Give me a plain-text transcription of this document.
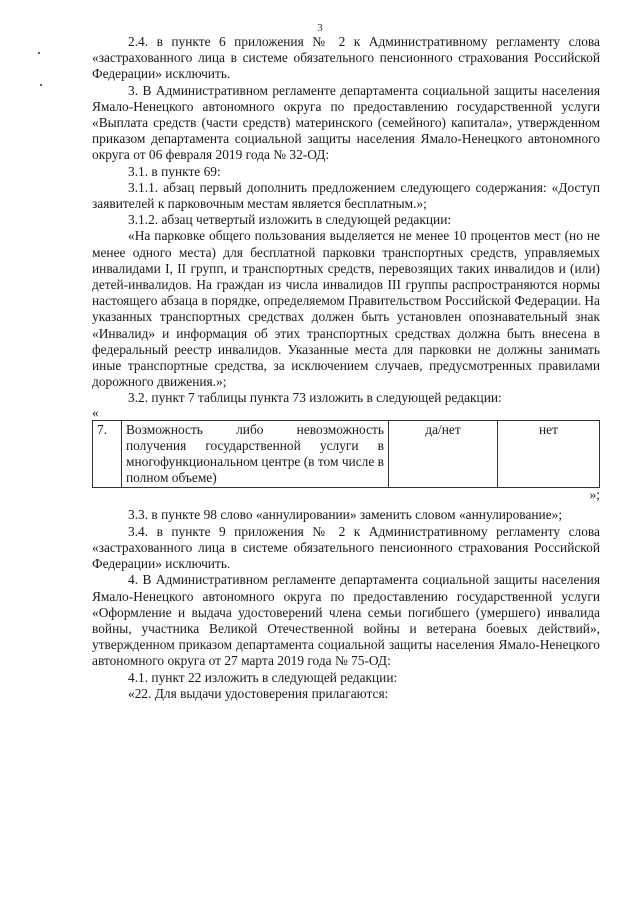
3

2.4. в пункте 6 приложения № 2 к Административному регламенту слова «застрахованного лица в системе обязательного пенсионного страхования Российской Федерации» исключить.

3. В Административном регламенте департамента социальной защиты населения Ямало-Ненецкого автономного округа по предоставлению государственной услуги «Выплата средств (части средств) материнского (семейного) капитала», утвержденном приказом департамента социальной защиты населения Ямало-Ненецкого автономного округа от 06 февраля 2019 года № 32-ОД:

3.1. в пункте 69:

3.1.1. абзац первый дополнить предложением следующего содержания: «Доступ заявителей к парковочным местам является бесплатным.»;

3.1.2. абзац четвертый изложить в следующей редакции:

«На парковке общего пользования выделяется не менее 10 процентов мест (но не менее одного места) для бесплатной парковки транспортных средств, управляемых инвалидами I, II групп, и транспортных средств, перевозящих таких инвалидов и (или) детей-инвалидов. На граждан из числа инвалидов III группы распространяются нормы настоящего абзаца в порядке, определяемом Правительством Российской Федерации. На указанных транспортных средствах должен быть установлен опознавательный знак «Инвалид» и информация об этих транспортных средствах должна быть внесена в федеральный реестр инвалидов. Указанные места для парковки не должны занимать иные транспортные средства, за исключением случаев, предусмотренных правилами дорожного движения.»;

3.2. пункт 7 таблицы пункта 73 изложить в следующей редакции:

«

7.	Возможность либо невозможность получения государственной услуги в многофункциональном центре (в том числе в полном объеме)	да/нет	нет

»;

3.3. в пункте 98 слово «аннулировании» заменить словом «аннулирование»;

3.4. в пункте 9 приложения № 2 к Административному регламенту слова «застрахованного лица в системе обязательного пенсионного страхования Российской Федерации» исключить.

4. В Административном регламенте департамента социальной защиты населения Ямало-Ненецкого автономного округа по предоставлению государственной услуги «Оформление и выдача удостоверений члена семьи погибшего (умершего) инвалида войны, участника Великой Отечественной войны и ветерана боевых действий», утвержденном приказом департамента социальной защиты населения Ямало-Ненецкого автономного округа от 27 марта 2019 года № 75-ОД:

4.1. пункт 22 изложить в следующей редакции:

«22. Для выдачи удостоверения прилагаются:
